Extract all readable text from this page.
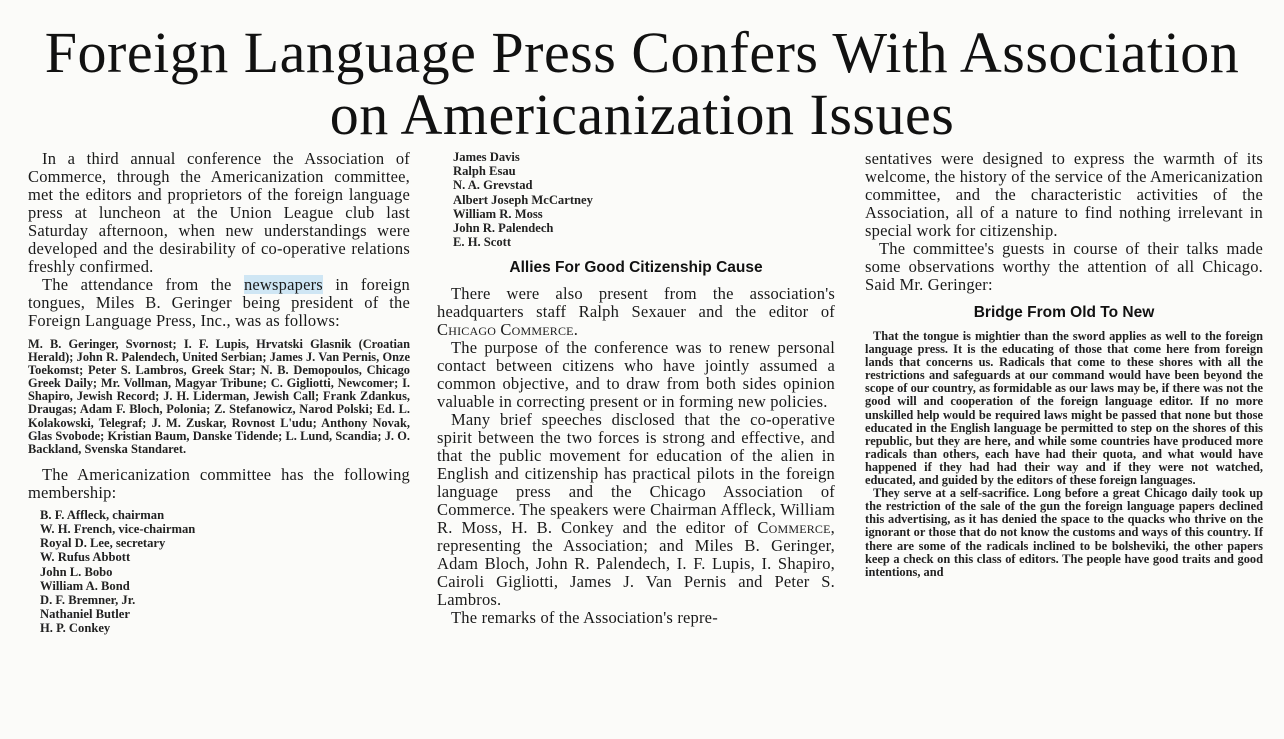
Foreign Language Press Confers With Association
on Americanization Issues

In a third annual conference the Association of Commerce, through the Americanization committee, met the editors and proprietors of the foreign language press at luncheon at the Union League club last Saturday afternoon, when new understandings were developed and the desirability of co-operative relations freshly confirmed.

The attendance from the newspapers in foreign tongues, Miles B. Geringer being president of the Foreign Language Press, Inc., was as follows:

M. B. Geringer, Svornost; I. F. Lupis, Hrvatski Glasnik (Croatian Herald); John R. Palendech, United Serbian; James J. Van Pernis, Onze Toekomst; Peter S. Lambros, Greek Star; N. B. Demopoulos, Chicago Greek Daily; Mr. Vollman, Magyar Tribune; C. Gigliotti, Newcomer; I. Shapiro, Jewish Record; J. H. Liderman, Jewish Call; Frank Zdankus, Draugas; Adam F. Bloch, Polonia; Z. Stefanowicz, Narod Polski; Ed. L. Kolakowski, Telegraf; J. M. Zuskar, Rovnost L'udu; Anthony Novak, Glas Svobode; Kristian Baum, Danske Tidende; L. Lund, Scandia; J. O. Backland, Svenska Standaret.

The Americanization committee has the following membership:

B. F. Affleck, chairman
W. H. French, vice-chairman
Royal D. Lee, secretary
W. Rufus Abbott
John L. Bobo
William A. Bond
D. F. Bremner, Jr.
Nathaniel Butler
H. P. Conkey
James Davis
Ralph Esau
N. A. Grevstad
Albert Joseph McCartney
William R. Moss
John R. Palendech
E. H. Scott
Allies For Good Citizenship Cause

There were also present from the association's headquarters staff Ralph Sexauer and the editor of Chicago Commerce.

The purpose of the conference was to renew personal contact between citizens who have jointly assumed a common objective, and to draw from both sides opinion valuable in correcting present or in forming new policies.

Many brief speeches disclosed that the co-operative spirit between the two forces is strong and effective, and that the public movement for education of the alien in English and citizenship has practical pilots in the foreign language press and the Chicago Association of Commerce. The speakers were Chairman Affleck, William R. Moss, H. B. Conkey and the editor of Commerce, representing the Association; and Miles B. Geringer, Adam Bloch, John R. Palendech, I. F. Lupis, I. Shapiro, Cairoli Gigliotti, James J. Van Pernis and Peter S. Lambros.

The remarks of the Association's repre-

sentatives were designed to express the warmth of its welcome, the history of the service of the Americanization committee, and the characteristic activities of the Association, all of a nature to find nothing irrelevant in special work for citizenship.

The committee's guests in course of their talks made some observations worthy the attention of all Chicago. Said Mr. Geringer:

Bridge From Old To New

That the tongue is mightier than the sword applies as well to the foreign language press. It is the educating of those that come here from foreign lands that concerns us. Radicals that come to these shores with all the restrictions and safeguards at our command would have been beyond the scope of our country, as formidable as our laws may be, if there was not the good will and cooperation of the foreign language editor. If no more unskilled help would be required laws might be passed that none but those educated in the English language be permitted to step on the shores of this republic, but they are here, and while some countries have produced more radicals than others, each have had their quota, and what would have happened if they had had their way and if they were not watched, educated, and guided by the editors of these foreign languages.

They serve at a self-sacrifice. Long before a great Chicago daily took up the restriction of the sale of the gun the foreign language papers declined this advertising, as it has denied the space to the quacks who thrive on the ignorant or those that do not know the customs and ways of this country. If there are some of the radicals inclined to be bolsheviki, the other papers keep a check on this class of editors. The people have good traits and good intentions, and
